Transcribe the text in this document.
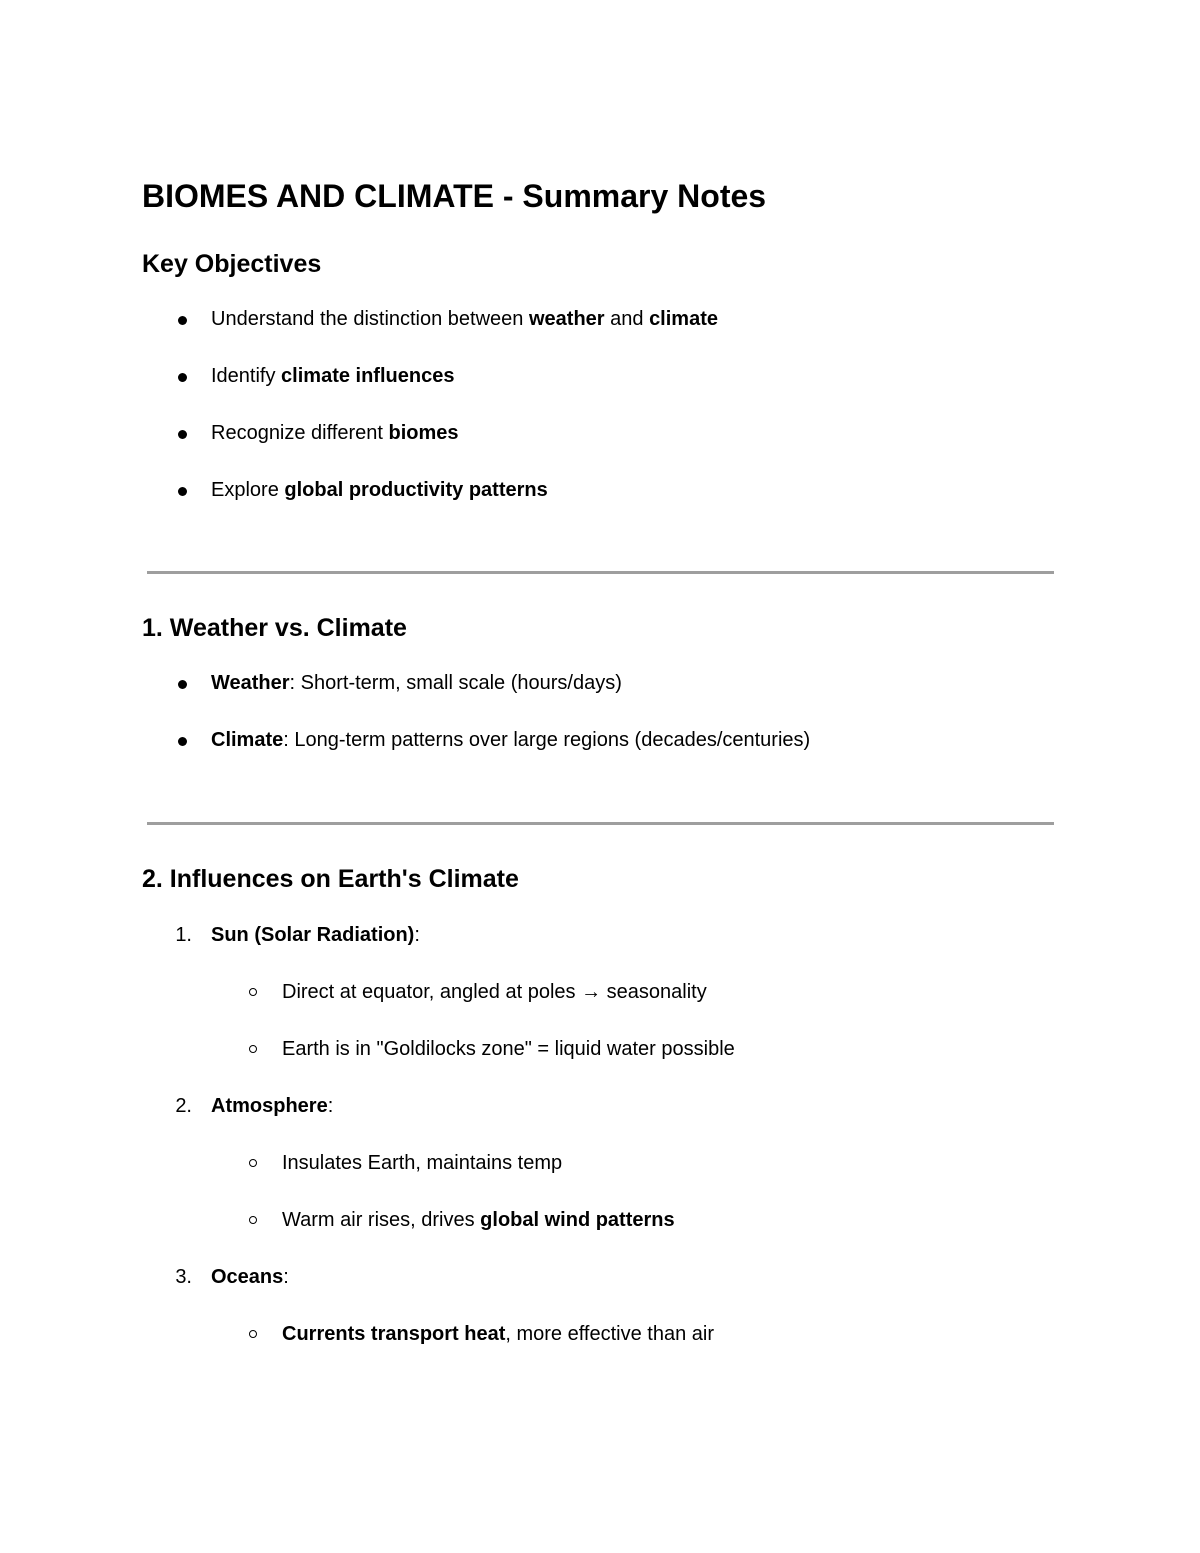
BIOMES AND CLIMATE - Summary Notes
Key Objectives
Understand the distinction between weather and climate
Identify climate influences
Recognize different biomes
Explore global productivity patterns
1. Weather vs. Climate
Weather: Short-term, small scale (hours/days)
Climate: Long-term patterns over large regions (decades/centuries)
2. Influences on Earth's Climate
1. Sun (Solar Radiation):
Direct at equator, angled at poles → seasonality
Earth is in "Goldilocks zone" = liquid water possible
2. Atmosphere:
Insulates Earth, maintains temp
Warm air rises, drives global wind patterns
3. Oceans:
Currents transport heat, more effective than air
